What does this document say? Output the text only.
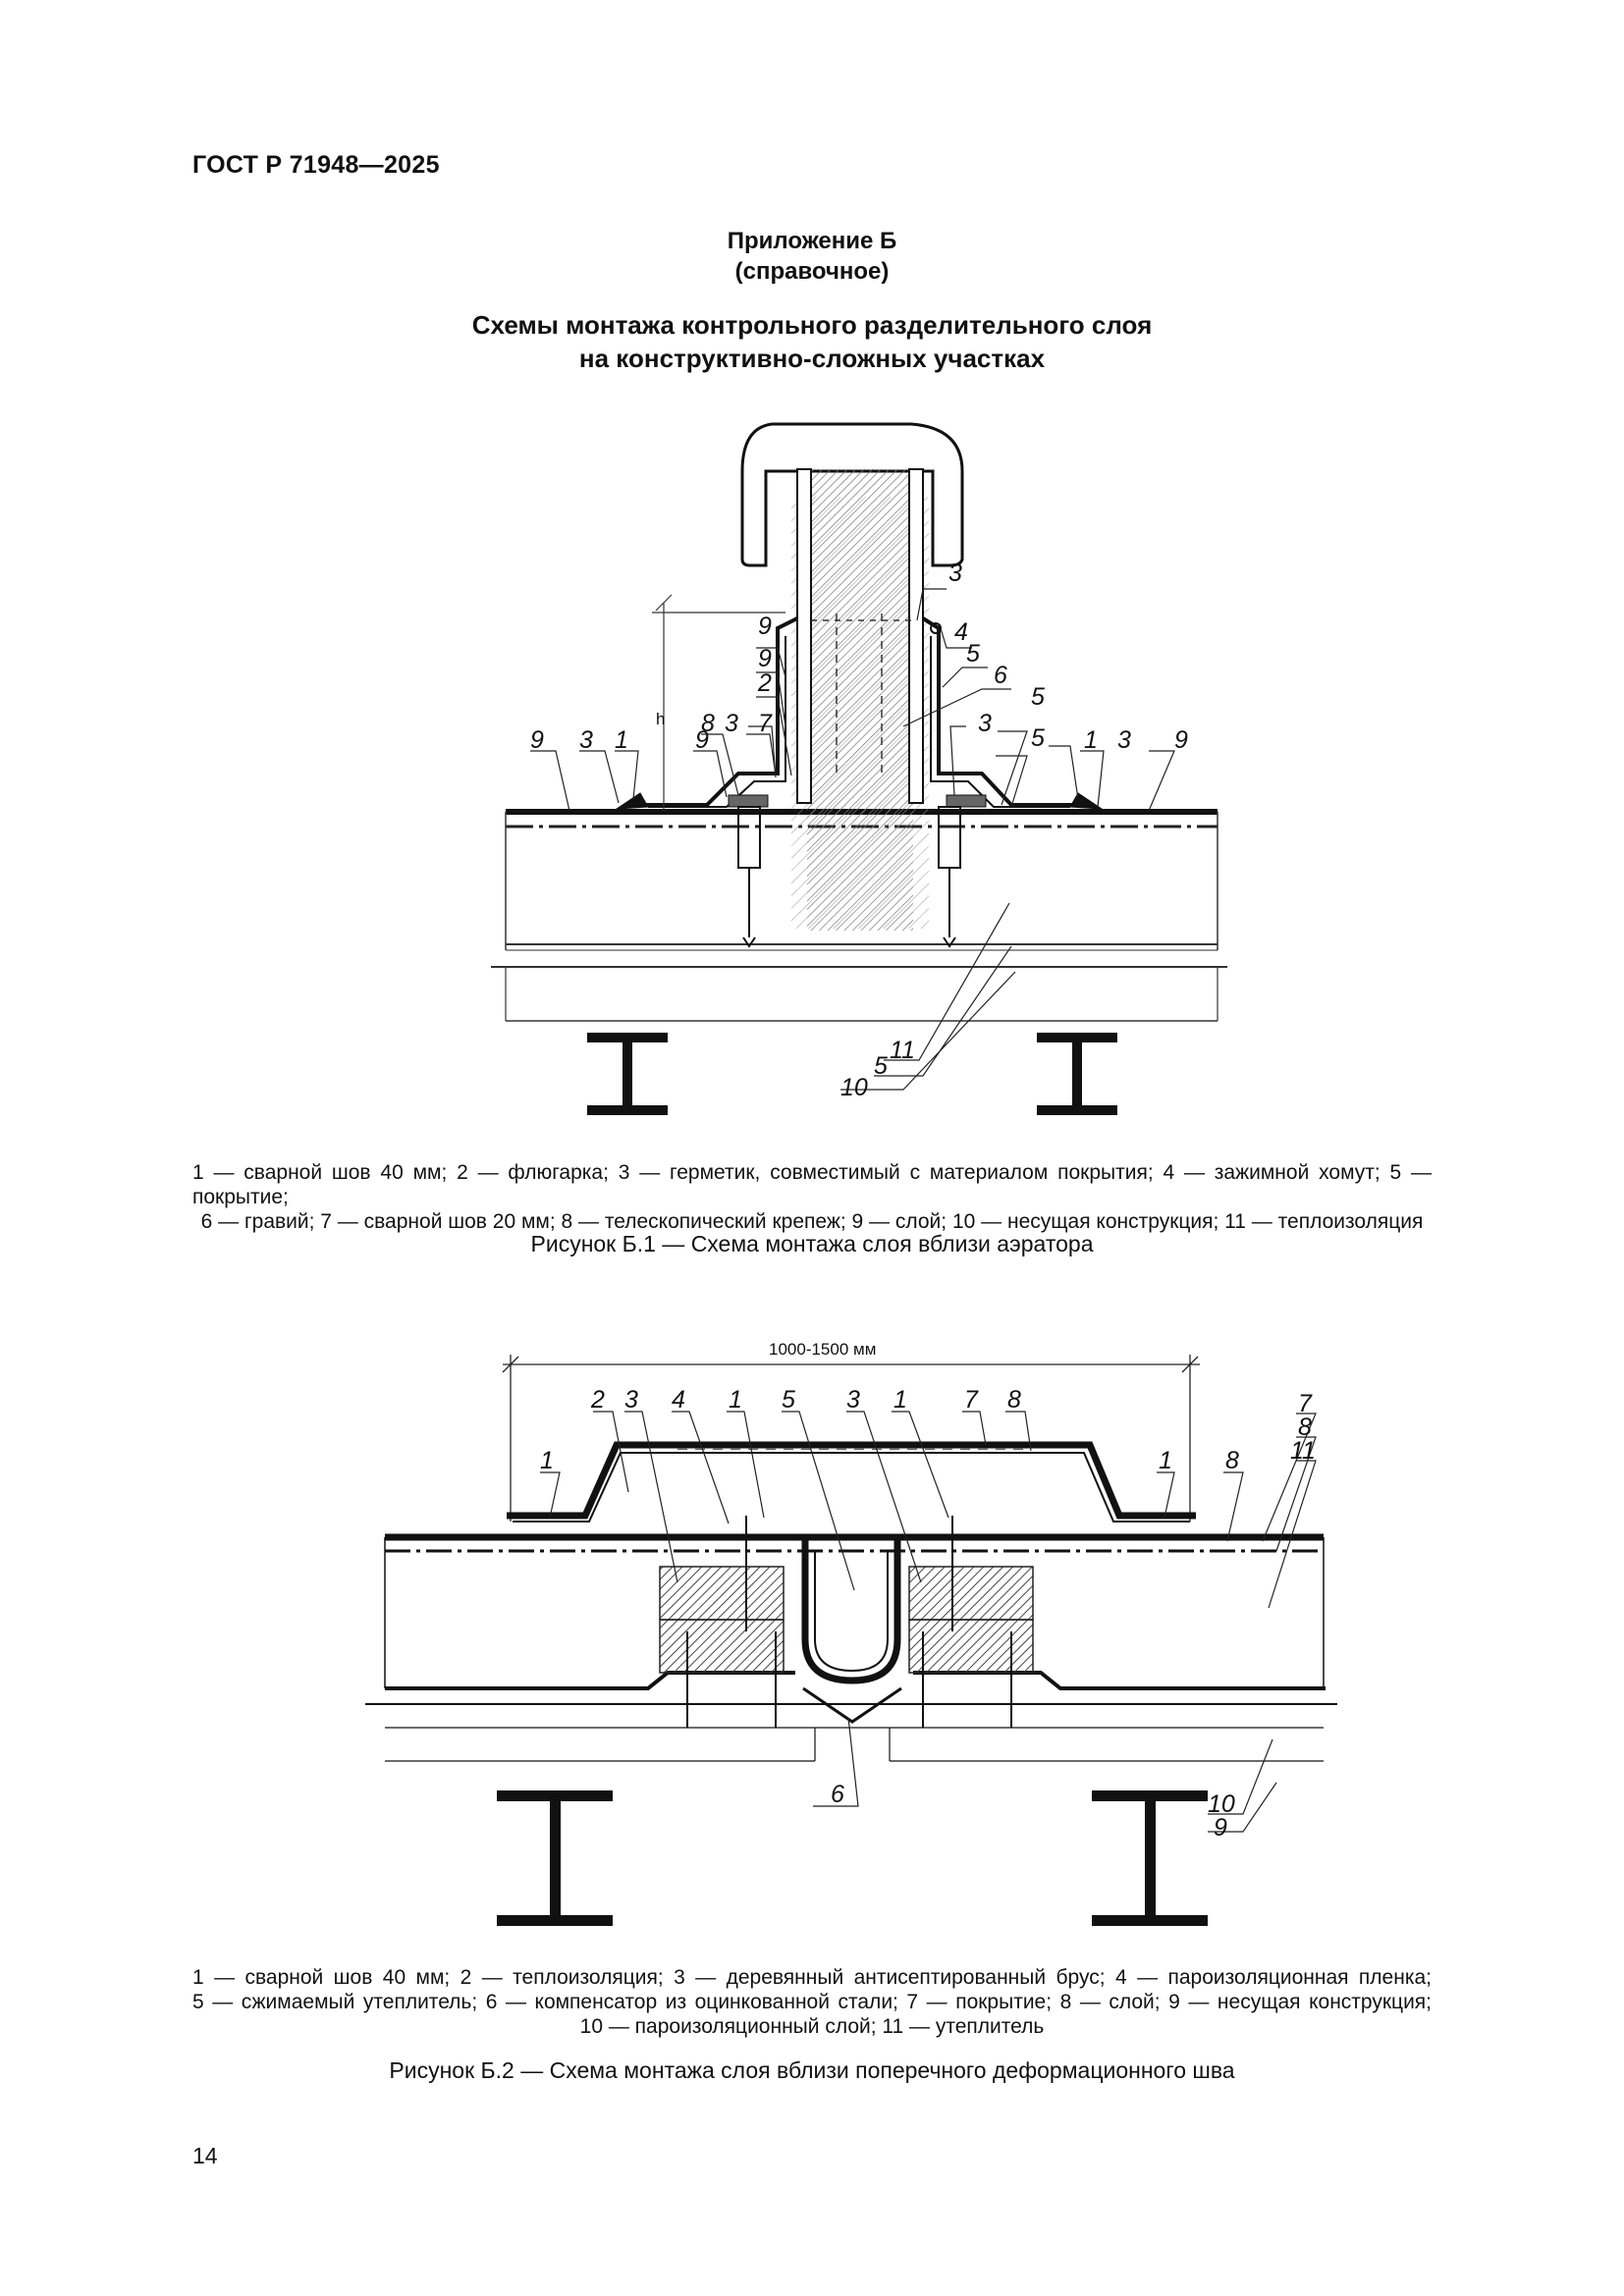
ГОСТ Р 71948—2025
Приложение Б
(справочное)
Схемы монтажа контрольного разделительного слоя
на конструктивно-сложных участках
h
9 3 1	9
8 3 7
2
9
9
3
4
5
6
5
5
3
1 3 9
11
5
10
1 — сварной шов 40 мм; 2 — флюгарка; 3 — герметик, совместимый с материалом покрытия; 4 — зажимной хомут; 5 — покрытие;
6 — гравий; 7 — сварной шов 20 мм; 8 — телескопический крепеж; 9 — слой; 10 — несущая конструкция; 11 — теплоизоляция
Рисунок Б.1 — Схема монтажа слоя вблизи аэратора
1000-1500 мм
2 3 4 1 5 3 1 7 8
1	1 8
7
8
11
6	10
9
1 — сварной шов 40 мм; 2 — теплоизоляция; 3 — деревянный антисептированный брус; 4 — пароизоляционная пленка;
5 — сжимаемый утеплитель; 6 — компенсатор из оцинкованной стали; 7 — покрытие; 8 — слой; 9 — несущая конструкция;
10 — пароизоляционный слой; 11 — утеплитель
Рисунок Б.2 — Схема монтажа слоя вблизи поперечного деформационного шва
14
